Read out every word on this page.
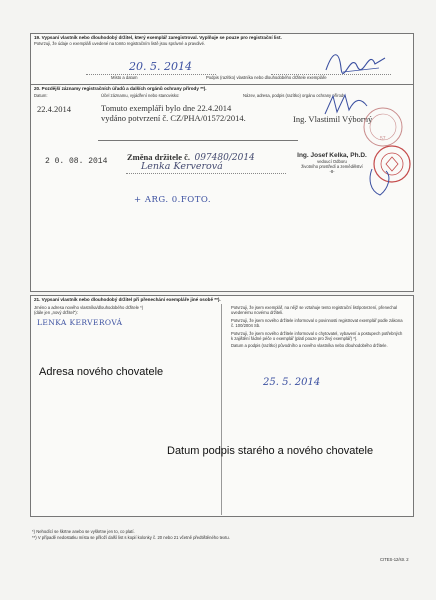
19. Vypsaní vlastník nebo dlouhodobý držitel, který exemplář zaregistroval. Vyplňuje se pouze pro registrační list.
Potvrzuji, že údaje o exempláři uvedené na tomto registračním listě jsou správné a pravdivé.
20. 5. 2014
Místo a datum	Podpis (razítko) vlastníka nebo dlouhodobého držitele exempláře
20. Pozdější záznamy registračních úřadů a dalších orgánů ochrany přírody **).
Datum:	Účel záznamu, vyjádření nebo stanovisko:	Název, adresa, podpis (razítko) orgánu ochrany přírody
22.4.2014	Tomuto exempláři bylo dne 22.4.2014
vydáno potvrzení č. CZ/PHA/01572/2014.	Ing. Vlastimil Výborný
57
2 0. 08. 2014 Změna držitele č. 097480/2014
Lenka Kerverová
Ing. Josef Kelka, Ph.D.
vedoucí Odboru
životního prostředí a zemědělství
-8-
+ ARG. 0.FOTO.
21. Vypsaní vlastník nebo dlouhodobý držitel při přenechání exempláře jiné osobě **).
Jméno a adresa nového vlastníka/dlouhodobého držitele *)
(dále jen „nový držitel"):
LENKA KERVEROVÁ
Potvrzuji, že jsem exemplář, na nějž se vztahuje tento registrační list/potvrzení, přenechal uvedenému novému držiteli.
Potvrzuji, že jsem nového držitele informoval o povinnosti registrovat exemplář podle zákona č. 100/2004 Sb.
Potvrzuji, že jsem nového držitele informoval o chytovatel, vybavení a postupech potřebných k zajištění řádné péče o exemplář (platí pouze pro živý exemplář) *).
Datum a podpis (razítko) původního a nového vlastníka nebo dlouhodobého držitele.
25. 5. 2014
Adresa nového chovatele
Datum podpis starého a nového chovatele
*) Nehodící se škrtne anebo se vyškrtne jen to, co platí.
**) V případě nedostatku místa se přiloží další list s kopií kolonky č. 20 nebo 21 včetně předtištěného textu.
CITES-12/str. 2
